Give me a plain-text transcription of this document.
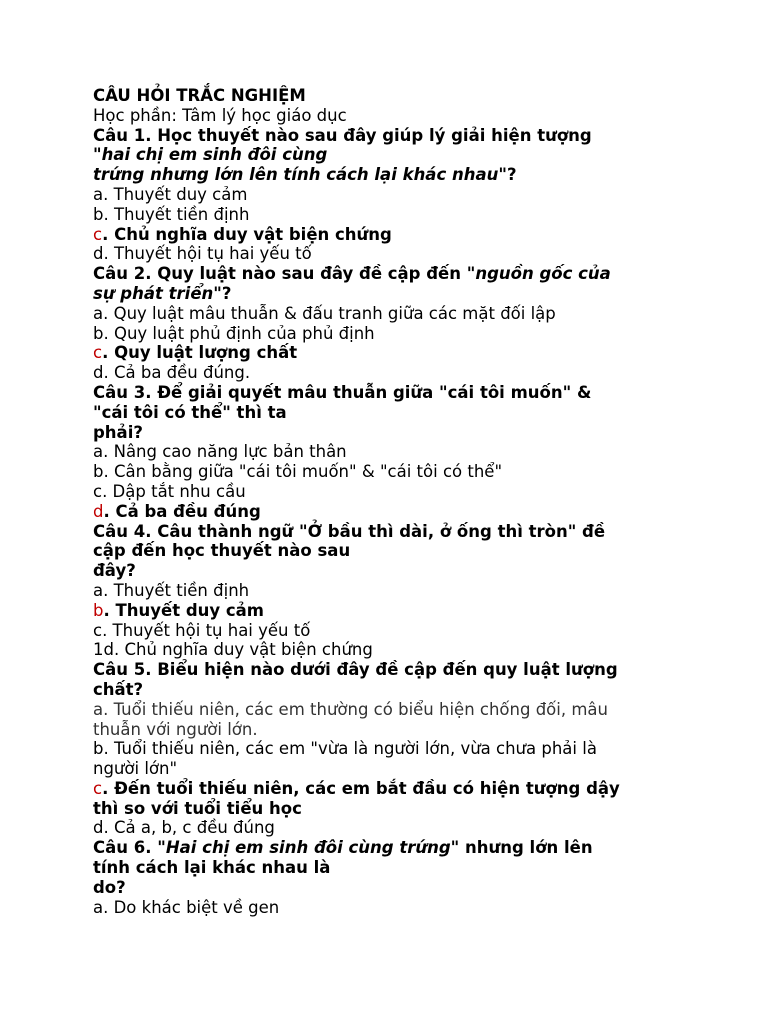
CÂU HỎI TRẮC NGHIỆM
Học phần: Tâm lý học giáo dục
Câu 1. Học thuyết nào sau đây giúp lý giải hiện tượng
"hai chị em sinh đôi cùng
trứng nhưng lớn lên tính cách lại khác nhau"?
a. Thuyết duy cảm
b. Thuyết tiền định
c. Chủ nghĩa duy vật biện chứng
d. Thuyết hội tụ hai yếu tố
Câu 2. Quy luật nào sau đây đề cập đến "nguồn gốc của
sự phát triển"?
a. Quy luật mâu thuẫn & đấu tranh giữa các mặt đối lập
b. Quy luật phủ định của phủ định
c. Quy luật lượng chất
d. Cả ba đều đúng.
Câu 3. Để giải quyết mâu thuẫn giữa "cái tôi muốn" &
"cái tôi có thể" thì ta
phải?
a. Nâng cao năng lực bản thân
b. Cân bằng giữa "cái tôi muốn" & "cái tôi có thể"
c. Dập tắt nhu cầu
d. Cả ba đều đúng
Câu 4. Câu thành ngữ "Ở bầu thì dài, ở ống thì tròn" đề
cập đến học thuyết nào sau
đây?
a. Thuyết tiền định
b. Thuyết duy cảm
c. Thuyết hội tụ hai yếu tố
1d. Chủ nghĩa duy vật biện chứng
Câu 5. Biểu hiện nào dưới đây đề cập đến quy luật lượng
chất?
a. Tuổi thiếu niên, các em thường có biểu hiện chống đối, mâu
thuẫn với người lớn.
b. Tuổi thiếu niên, các em "vừa là người lớn, vừa chưa phải là
người lớn"
c. Đến tuổi thiếu niên, các em bắt đầu có hiện tượng dậy
thì so với tuổi tiểu học
d. Cả a, b, c đều đúng
Câu 6. "Hai chị em sinh đôi cùng trứng" nhưng lớn lên
tính cách lại khác nhau là
do?
a. Do khác biệt về gen
